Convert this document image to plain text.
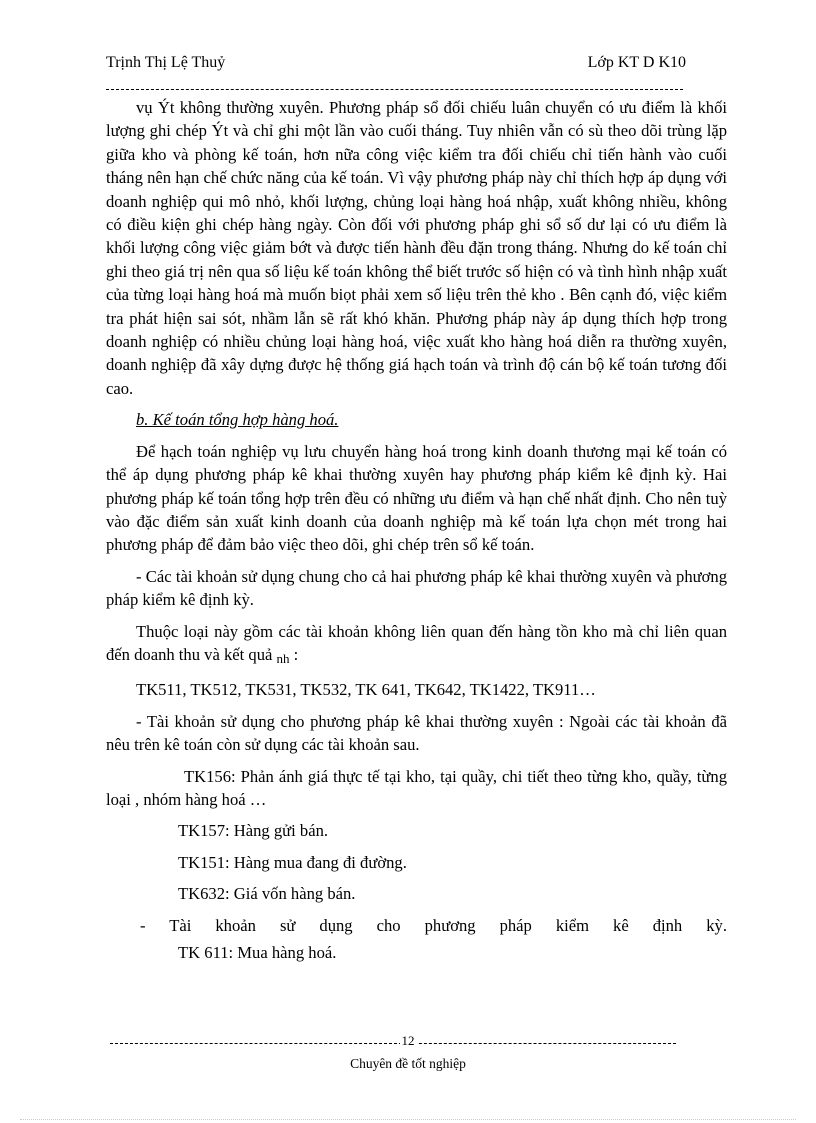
Trịnh Thị Lệ Thuỷ	Lớp KT D K10

vụ Ýt không thường xuyên. Phương pháp sổ đối chiếu luân chuyển có ưu điểm là khối lượng ghi chép Ýt và chỉ ghi một lần vào cuối tháng. Tuy nhiên vẫn có sù theo dõi trùng lặp giữa kho và phòng kế toán, hơn nữa công việc kiểm tra đối chiếu chỉ tiến hành vào cuối tháng nên hạn chế chức năng của kế toán. Vì vậy phương pháp này chỉ thích hợp áp dụng với doanh nghiệp qui mô nhỏ, khối lượng, chủng loại hàng hoá nhập, xuất không nhiều, không có điều kiện ghi chép hàng ngày. Còn đối với phương pháp ghi sổ số dư lại có ưu điểm là khối lượng công việc giảm bớt và được tiến hành đều đặn trong tháng. Nhưng do kế toán chỉ ghi theo giá trị nên qua số liệu kế toán không thể biết trước số hiện có và tình hình nhập xuất của từng loại hàng hoá mà muốn biọt phải xem số liệu trên thẻ kho . Bên cạnh đó, việc kiểm tra phát hiện sai sót, nhầm lẫn sẽ rất khó khăn. Phương pháp này áp dụng thích hợp trong doanh nghiệp có nhiều chủng loại hàng hoá, việc xuất kho hàng hoá diễn ra thường xuyên, doanh nghiệp đã xây dựng được hệ thống giá hạch toán và trình độ cán bộ kế toán tương đối cao.

b. Kế toán tổng hợp hàng hoá.

Để hạch toán nghiệp vụ lưu chuyển hàng hoá trong kinh doanh thương mại kế toán có thể áp dụng phương pháp kê khai thường xuyên hay phương pháp kiểm kê định kỳ. Hai phương pháp kế toán tổng hợp trên đều có những ưu điểm và hạn chế nhất định. Cho nên tuỳ vào đặc điểm sản xuất kinh doanh của doanh nghiệp mà kế toán lựa chọn mét trong hai phương pháp để đảm bảo việc theo dõi, ghi chép trên sổ kế toán.

- Các tài khoản sử dụng chung cho cả hai phương pháp kê khai thường xuyên và phương pháp kiểm kê định kỳ.

Thuộc loại này gồm các tài khoản không liên quan đến hàng tồn kho mà chỉ liên quan đến doanh thu và kết quả $_{nh}$ :

TK511, TK512, TK531, TK532, TK 641, TK642, TK1422, TK911…

- Tài khoản sử dụng cho phương pháp kê khai thường xuyên : Ngoài các tài khoản đã nêu trên kê toán còn sử dụng các tài khoản sau.

TK156: Phản ánh giá thực tế tại kho, tại quầy, chi tiết theo từng kho, quầy, từng loại , nhóm hàng hoá …

TK157: Hàng gửi bán.

TK151: Hàng mua đang đi đường.

TK632: Giá vốn hàng bán.

- Tài khoản sử dụng cho phương pháp kiểm kê định kỳ.

TK 611: Mua hàng hoá.

12
Chuyên đề tốt nghiệp
